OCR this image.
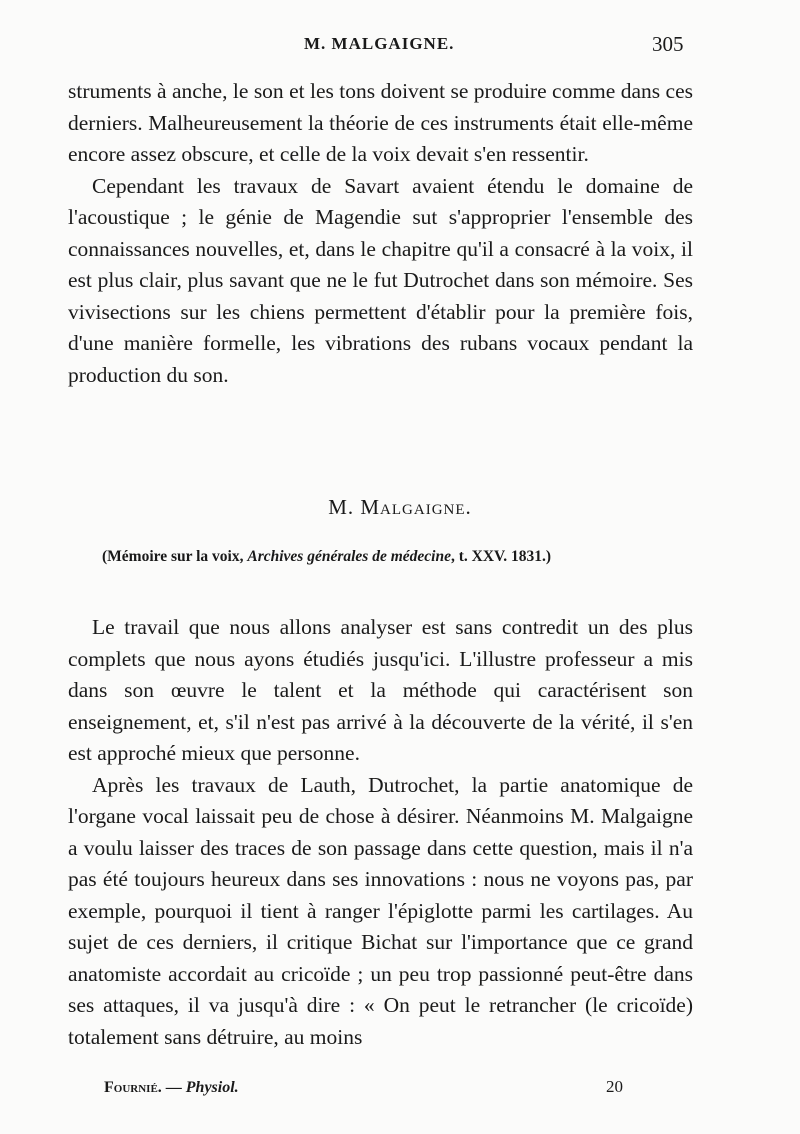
M. MALGAIGNE.	305

struments à anche, le son et les tons doivent se produire comme dans ces derniers. Malheureusement la théorie de ces instruments était elle-même encore assez obscure, et celle de la voix devait s'en ressentir.

Cependant les travaux de Savart avaient étendu le domaine de l'acoustique ; le génie de Magendie sut s'approprier l'ensemble des connaissances nouvelles, et, dans le chapitre qu'il a consacré à la voix, il est plus clair, plus savant que ne le fut Dutrochet dans son mémoire. Ses vivisections sur les chiens permettent d'établir pour la première fois, d'une manière formelle, les vibrations des rubans vocaux pendant la production du son.

M. Malgaigne.
(Mémoire sur la voix, Archives générales de médecine, t. XXV. 1831.)

Le travail que nous allons analyser est sans contredit un des plus complets que nous ayons étudiés jusqu'ici. L'illustre professeur a mis dans son œuvre le talent et la méthode qui caractérisent son enseignement, et, s'il n'est pas arrivé à la découverte de la vérité, il s'en est approché mieux que personne.

Après les travaux de Lauth, Dutrochet, la partie anatomique de l'organe vocal laissait peu de chose à désirer. Néanmoins M. Malgaigne a voulu laisser des traces de son passage dans cette question, mais il n'a pas été toujours heureux dans ses innovations : nous ne voyons pas, par exemple, pourquoi il tient à ranger l'épiglotte parmi les cartilages. Au sujet de ces derniers, il critique Bichat sur l'importance que ce grand anatomiste accordait au cricoïde ; un peu trop passionné peut-être dans ses attaques, il va jusqu'à dire : « On peut le retrancher (le cricoïde) totalement sans détruire, au moins

Fournié. — Physiol.	20
